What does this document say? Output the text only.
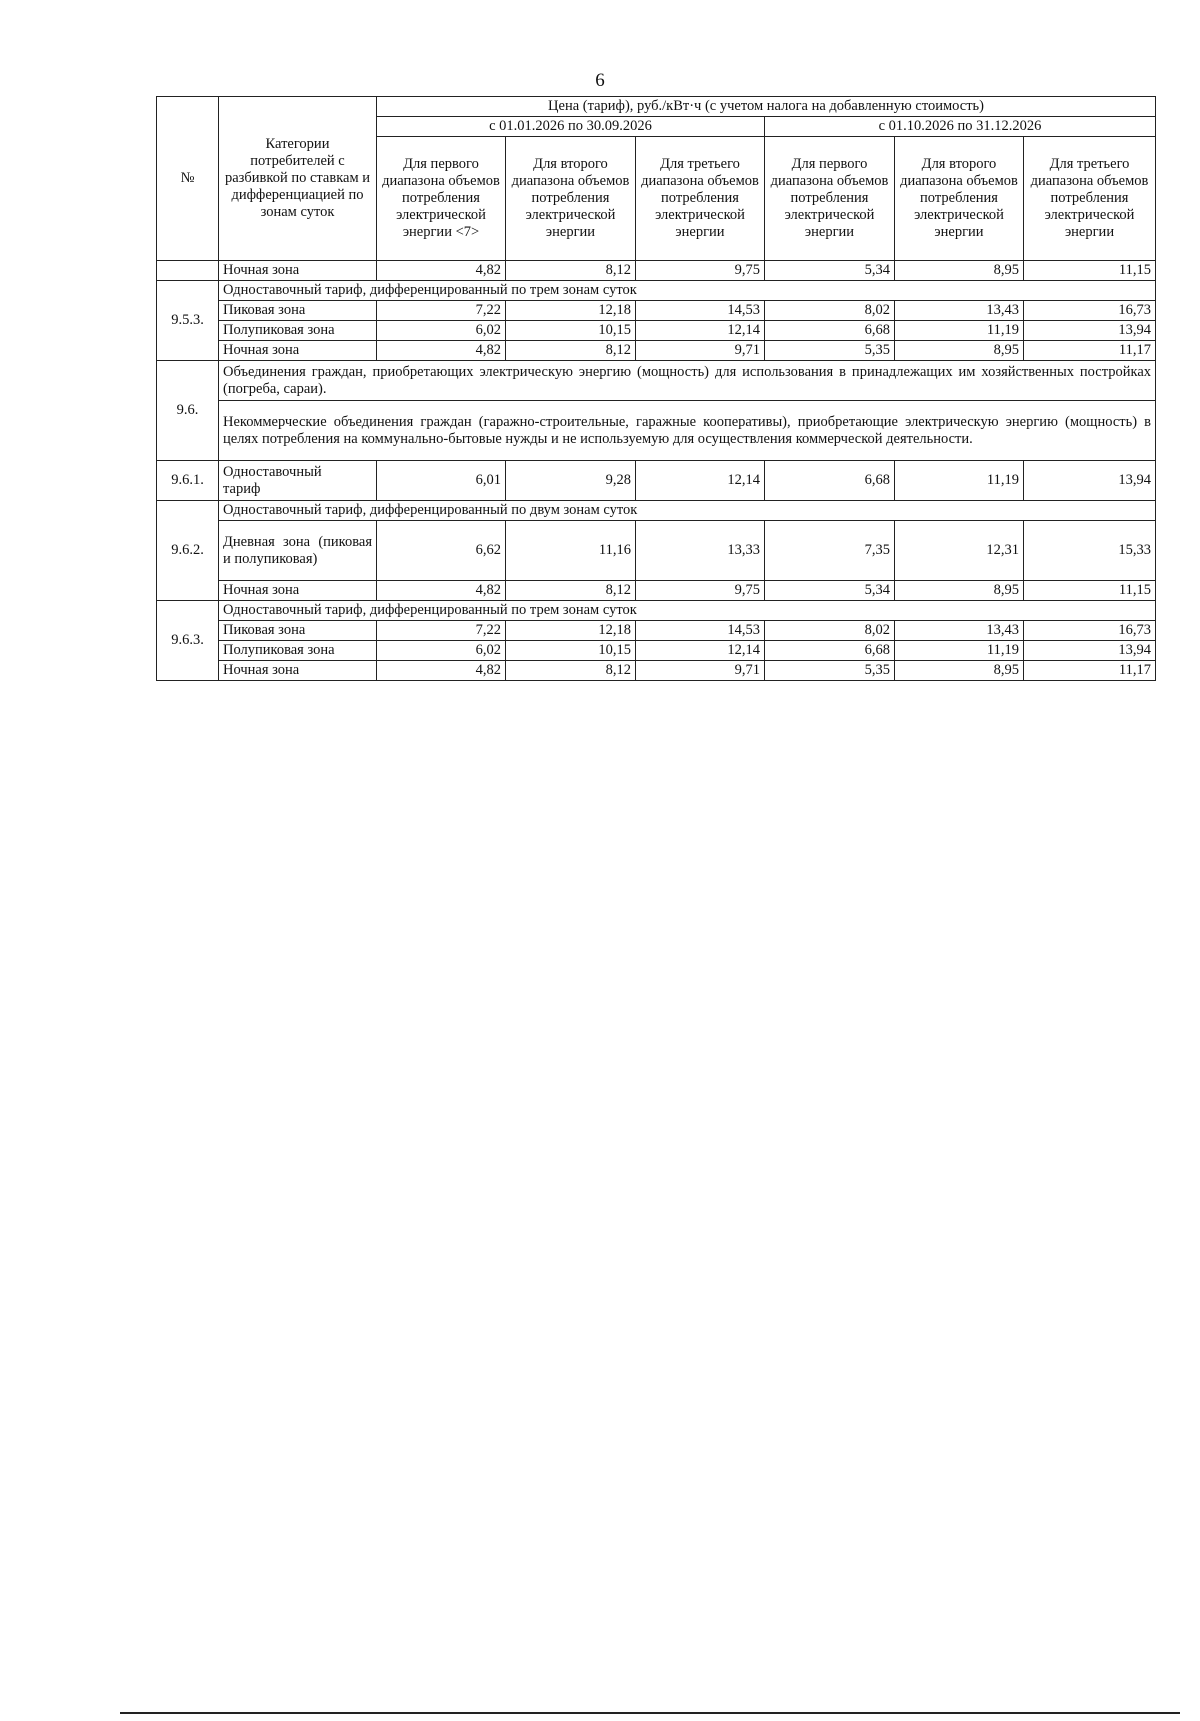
6
№	Категории потребителей с разбивкой по ставкам и дифференциацией по зонам суток	Цена (тариф), руб./кВт·ч (с учетом налога на добавленную стоимость)					
		с 01.01.2026 по 30.09.2026			с 01.10.2026 по 31.12.2026		
		Для первого диапазона объемов потребления электрической энергии <7>	Для второго диапазона объемов потребления электрической энергии	Для третьего диапазона объемов потребления электрической энергии	Для первого диапазона объемов потребления электрической энергии	Для второго диапазона объемов потребления электрической энергии	Для третьего диапазона объемов потребления электрической энергии
	Ночная зона	4,82	8,12	9,75	5,34	8,95	11,15
9.5.3.	Одноставочный тариф, дифференцированный по трем зонам суток						
	Пиковая зона	7,22	12,18	14,53	8,02	13,43	16,73
	Полупиковая зона	6,02	10,15	12,14	6,68	11,19	13,94
	Ночная зона	4,82	8,12	9,71	5,35	8,95	11,17
9.6.	Объединения граждан, приобретающих электрическую энергию (мощность) для использования в принадлежащих им хозяйственных постройках (погреба, сараи).						
	Некоммерческие объединения граждан (гаражно-строительные, гаражные кооперативы), приобретающие электрическую энергию (мощность) в целях потребления на коммунально-бытовые нужды и не используемую для осуществления коммерческой деятельности.						
9.6.1.	Одноставочный тариф	6,01	9,28	12,14	6,68	11,19	13,94
9.6.2.	Одноставочный тариф, дифференцированный по двум зонам суток						
	Дневная зона (пиковая и полупиковая)	6,62	11,16	13,33	7,35	12,31	15,33
	Ночная зона	4,82	8,12	9,75	5,34	8,95	11,15
9.6.3.	Одноставочный тариф, дифференцированный по трем зонам суток						
	Пиковая зона	7,22	12,18	14,53	8,02	13,43	16,73
	Полупиковая зона	6,02	10,15	12,14	6,68	11,19	13,94
	Ночная зона	4,82	8,12	9,71	5,35	8,95	11,17
